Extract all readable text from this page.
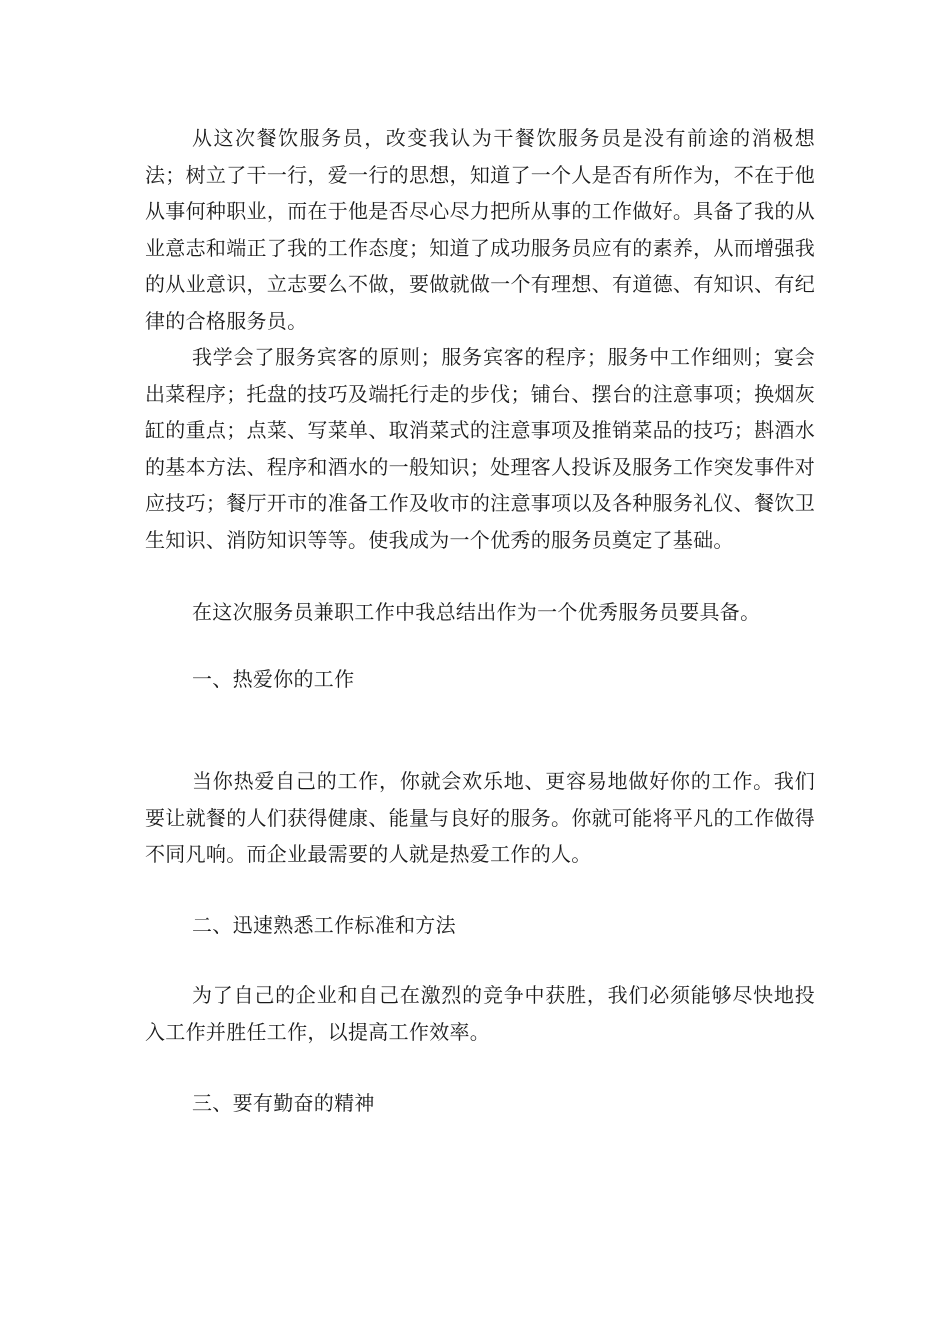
从这次餐饮服务员，改变我认为干餐饮服务员是没有前途的消极想法；树立了干一行，爱一行的思想，知道了一个人是否有所作为，不在于他从事何种职业，而在于他是否尽心尽力把所从事的工作做好。具备了我的从业意志和端正了我的工作态度；知道了成功服务员应有的素养，从而增强我的从业意识，立志要么不做，要做就做一个有理想、有道德、有知识、有纪律的合格服务员。

我学会了服务宾客的原则；服务宾客的程序；服务中工作细则；宴会出菜程序；托盘的技巧及端托行走的步伐；铺台、摆台的注意事项；换烟灰缸的重点；点菜、写菜单、取消菜式的注意事项及推销菜品的技巧；斟酒水的基本方法、程序和酒水的一般知识；处理客人投诉及服务工作突发事件对应技巧；餐厅开市的准备工作及收市的注意事项以及各种服务礼仪、餐饮卫生知识、消防知识等等。使我成为一个优秀的服务员奠定了基础。

在这次服务员兼职工作中我总结出作为一个优秀服务员要具备。

一、热爱你的工作

当你热爱自己的工作，你就会欢乐地、更容易地做好你的工作。我们要让就餐的人们获得健康、能量与良好的服务。你就可能将平凡的工作做得不同凡响。而企业最需要的人就是热爱工作的人。

二、迅速熟悉工作标准和方法

为了自己的企业和自己在激烈的竞争中获胜，我们必须能够尽快地投入工作并胜任工作，以提高工作效率。

三、要有勤奋的精神
